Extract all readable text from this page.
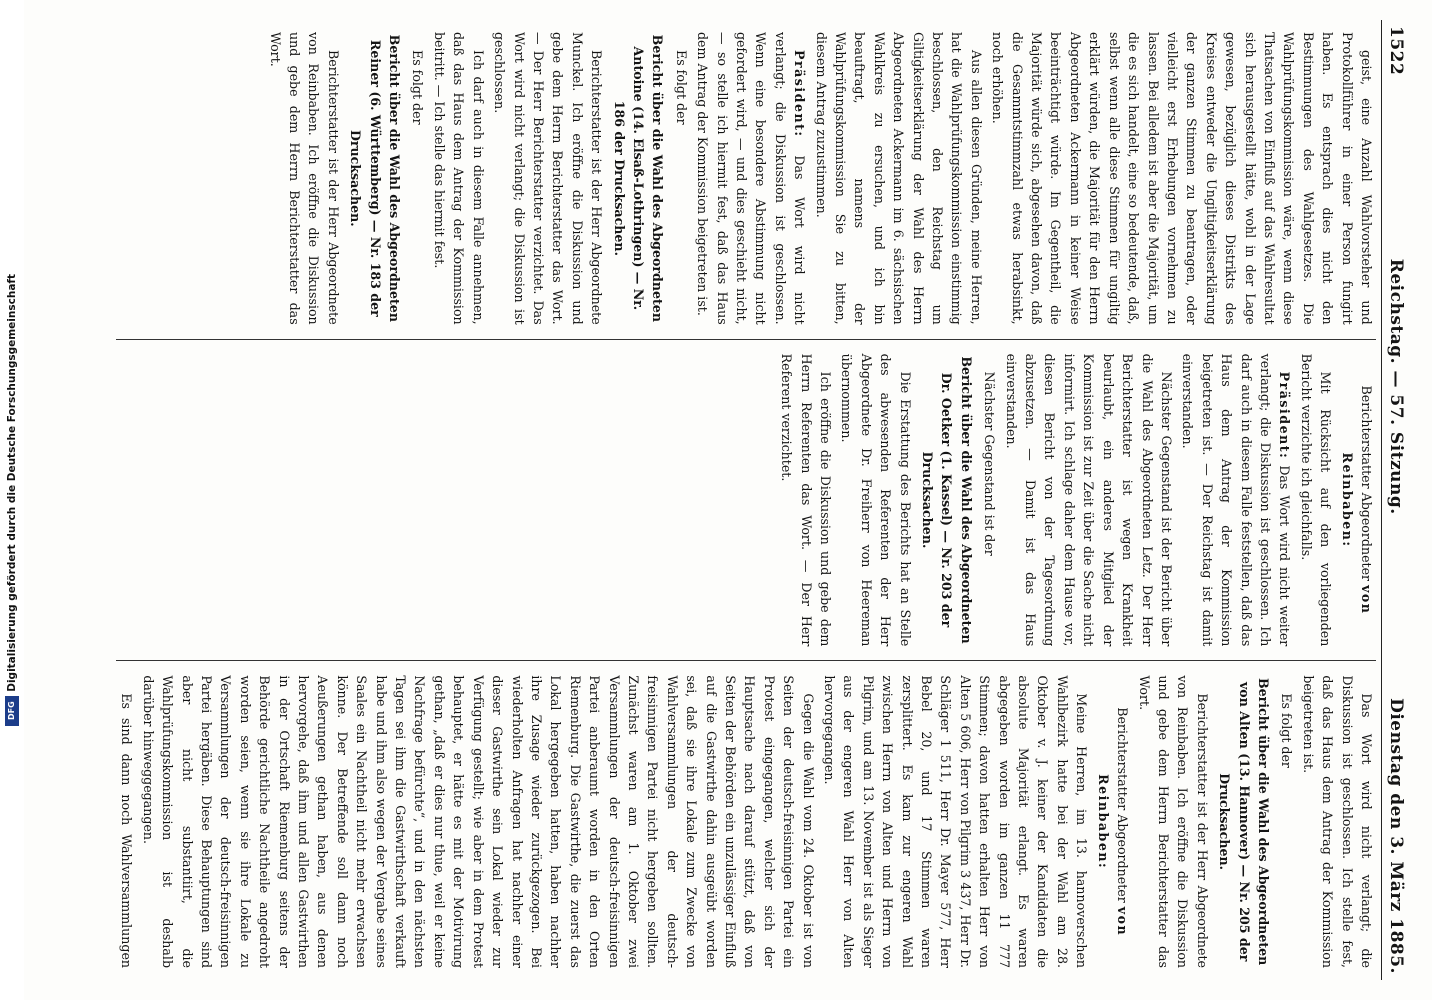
Digitalisierung gefördert durch die Deutsche Forschungsgemeinschaft
DFG
1522
Reichstag. — 57. Sitzung.
Dienstag den 3. März 1885.

geist, eine Anzahl Wahlvorsteher und Protokollführer in einer Person fungirt haben. Es entsprach dies nicht den Bestimmungen des Wahlgesetzes. Die Wahlprüfungskommission wäre, wenn diese Thatsachen von Einfluß auf das Wahlresultat sich herausgestellt hätte, wohl in der Lage gewesen, bezüglich dieses Distrikts des Kreises entweder die Ungiltigkeitserklärung der ganzen Stimmen zu beantragen, oder vielleicht erst Erhebungen vornehmen zu lassen. Bei alledem ist aber die Majorität, um die es sich handelt, eine so bedeutende, daß, selbst wenn alle diese Stimmen für ungiltig erklärt würden, die Majorität für den Herrn Abgeordneten Ackermann in keiner Weise beeinträchtigt würde. Im Gegentheil, die Majorität würde sich, abgesehen davon, daß die Gesammtstimmzahl etwas herabsinkt, noch erhöhen.

Aus allen diesen Gründen, meine Herren, hat die Wahlprüfungskommission einstimmig beschlossen, den Reichstag um Giltigkeitserklärung der Wahl des Herrn Abgeordneten Ackermann im 6. sächsischen Wahlkreis zu ersuchen, und ich bin beauftragt, namens der Wahlprüfungskommission Sie zu bitten, diesem Antrag zuzustimmen.

Präsident: Das Wort wird nicht verlangt; die Diskussion ist geschlossen. Wenn eine besondere Abstimmung nicht gefordert wird, — und dies geschieht nicht, — so stelle ich hiermit fest, daß das Haus dem Antrag der Kommission beigetreten ist.

Es folgt der

Bericht über die Wahl des Abgeordneten Antoine (14. Elsaß-Lothringen) — Nr. 186 der Drucksachen.

Berichterstatter ist der Herr Abgeordnete Munckel. Ich eröffne die Diskussion und gebe dem Herrn Berichterstatter das Wort. — Der Herr Berichterstatter verzichtet. Das Wort wird nicht verlangt; die Diskussion ist geschlossen.

Ich darf auch in diesem Falle annehmen, daß das Haus dem Antrag der Kommission beitritt. — Ich stelle das hiermit fest.

Es folgt der

Bericht über die Wahl des Abgeordneten Reiner (6. Württemberg) — Nr. 183 der Drucksachen.

Berichterstatter ist der Herr Abgeordnete von Reinbaben. Ich eröffne die Diskussion und gebe dem Herrn Berichterstatter das Wort.

Berichterstatter Abgeordneter von Reinbaben:

Mit Rücksicht auf den vorliegenden Bericht verzichte ich gleichfalls.

Präsident: Das Wort wird nicht weiter verlangt; die Diskussion ist geschlossen. Ich darf auch in diesem Falle feststellen, daß das Haus dem Antrag der Kommission beigetreten ist. — Der Reichstag ist damit einverstanden.

Nächster Gegenstand ist der Bericht über die Wahl des Abgeordneten Letz. Der Herr Berichterstatter ist wegen Krankheit beurlaubt, ein anderes Mitglied der Kommission ist zur Zeit über die Sache nicht informirt. Ich schlage daher dem Hause vor, diesen Bericht von der Tagesordnung abzusetzen. — Damit ist das Haus einverstanden.

Nächster Gegenstand ist der

Bericht über die Wahl des Abgeordneten Dr. Oetker (1. Kassel) — Nr. 203 der Drucksachen.

Die Erstattung des Berichts hat an Stelle des abwesenden Referenten der Herr Abgeordnete Dr. Freiherr von Heereman übernommen.

Ich eröffne die Diskussion und gebe dem Herrn Referenten das Wort. — Der Herr Referent verzichtet.

Das Wort wird nicht verlangt; die Diskussion ist geschlossen. Ich stelle fest, daß das Haus dem Antrag der Kommission beigetreten ist.

Es folgt der

Bericht über die Wahl des Abgeordneten von Alten (13. Hannover) — Nr. 205 der Drucksachen.

Berichterstatter ist der Herr Abgeordnete von Reinbaben. Ich eröffne die Diskussion und gebe dem Herrn Berichterstatter das Wort.

Berichterstatter Abgeordneter von Reinbaben:

Meine Herren, im 13. hannoverschen Wahlbezirk hatte bei der Wahl am 28. Oktober v. J. keiner der Kandidaten die absolute Majorität erlangt. Es waren abgegeben worden im ganzen 11 777 Stimmen; davon hatten erhalten Herr von Alten 5 606, Herr von Pilgrim 3 437, Herr Dr. Schläger 1 511, Herr Dr. Mayer 577, Herr Bebel 20, und 17 Stimmen waren zersplittert. Es kam zur engeren Wahl zwischen Herrn von Alten und Herrn von Pilgrim, und am 13. November ist als Sieger aus der engeren Wahl Herr von Alten hervorgegangen.

Gegen die Wahl vom 24. Oktober ist von Seiten der deutsch-freisinnigen Partei ein Protest eingegangen, welcher sich der Hauptsache nach darauf stützt, daß von Seiten der Behörden ein unzulässiger Einfluß auf die Gastwirthe dahin ausgeübt worden sei, daß sie ihre Lokale zum Zwecke von Wahlversammlungen der deutsch-freisinnigen Partei nicht hergeben sollten. Zunächst waren am 1. Oktober zwei Versammlungen der deutsch-freisinnigen Partei anberaumt worden in den Orten Riemenburg. Die Gastwirthe, die zuerst das Lokal hergegeben hatten, haben nachher ihre Zusage wieder zurückgezogen. Bei wiederholten Anfragen hat nachher einer dieser Gastwirthe sein Lokal wieder zur Verfügung gestellt; wie aber in dem Protest behauptet, er hätte es mit der Motivirung gethan, „daß er dies nur thue, weil er keine Nachfrage befürchte“, und in den nächsten Tagen sei ihm die Gastwirthschaft verkauft habe und ihm also wegen der Vergabe seines Saales ein Nachtheil nicht mehr erwachsen könne. Der Betreffende soll dann noch Aeußerungen gethan haben, aus denen hervorgehe, daß ihm und allen Gastwirthen in der Ortschaft Riemenburg seitens der Behörde gerichtliche Nachtheile angedroht worden seien, wenn sie ihre Lokale zu Versammlungen der deutsch-freisinnigen Partei hergäben. Diese Behauptungen sind aber nicht substantiirt, die Wahlprüfungskommission ist deshalb darüber hinweggegangen.

Es sind dann noch Wahlversammlungen
